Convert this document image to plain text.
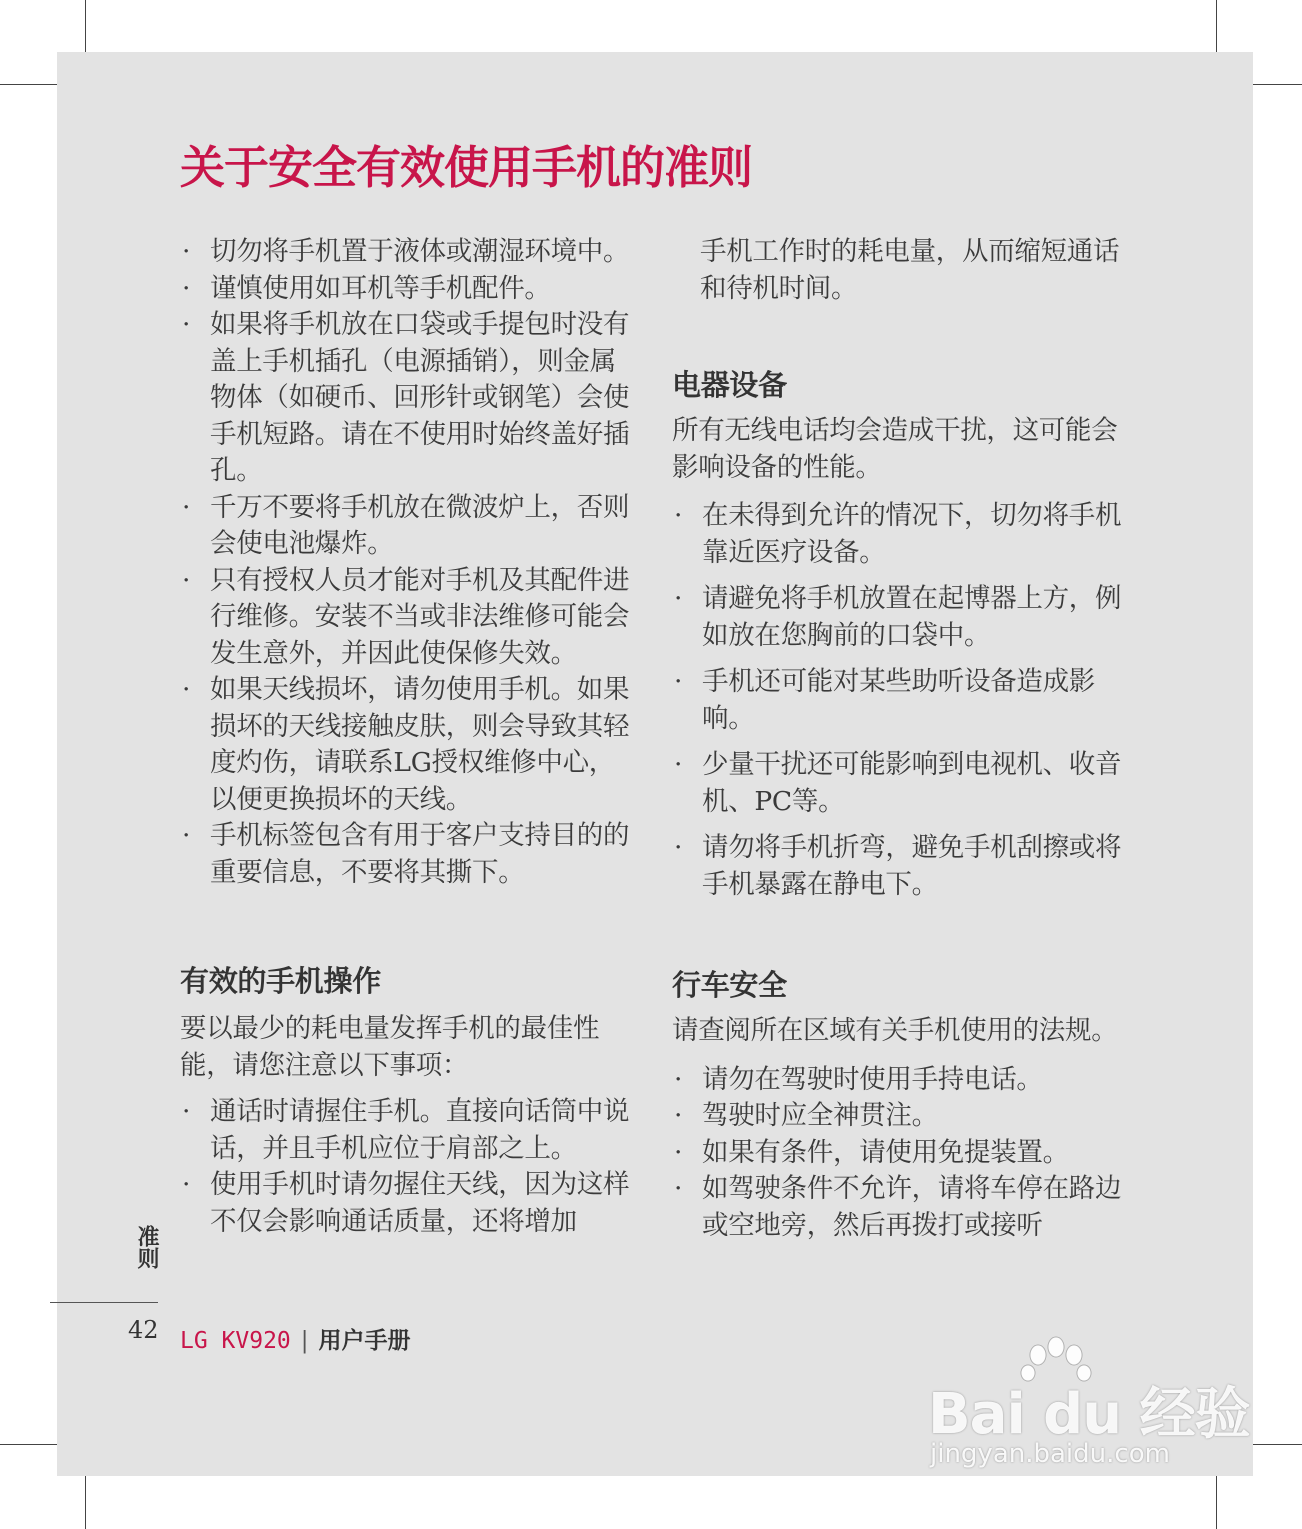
关于安全有效使用手机的准则
· 切勿将手机置于液体或潮湿环境中。
· 谨慎使用如耳机等手机配件。
· 如果将手机放在口袋或手提包时没有盖上手机插孔（电源插销），则金属物体（如硬币、回形针或钢笔）会使手机短路。请在不使用时始终盖好插孔。
· 千万不要将手机放在微波炉上，否则会使电池爆炸。
· 只有授权人员才能对手机及其配件进行维修。安装不当或非法维修可能会发生意外，并因此使保修失效。
· 如果天线损坏，请勿使用手机。如果损坏的天线接触皮肤，则会导致其轻度灼伤，请联系LG授权维修中心，以便更换损坏的天线。
· 手机标签包含有用于客户支持目的的重要信息，不要将其撕下。
有效的手机操作

要以最少的耗电量发挥手机的最佳性能，请您注意以下事项：

· 通话时请握住手机。直接向话筒中说话，并且手机应位于肩部之上。
· 使用手机时请勿握住天线，因为这样不仅会影响通话质量，还将增加

手机工作时的耗电量，从而缩短通话和待机时间。

电器设备

所有无线电话均会造成干扰，这可能会影响设备的性能。

· 在未得到允许的情况下，切勿将手机靠近医疗设备。
· 请避免将手机放置在起博器上方，例如放在您胸前的口袋中。
· 手机还可能对某些助听设备造成影响。
· 少量干扰还可能影响到电视机、收音机、PC等。
· 请勿将手机折弯，避免手机刮擦或将手机暴露在静电下。
行车安全

请查阅所在区域有关手机使用的法规。

· 请勿在驾驶时使用手持电话。
· 驾驶时应全神贯注。
· 如果有条件，请使用免提装置。
· 如驾驶条件不允许，请将车停在路边或空地旁，然后再拨打或接听
准则
42 LG KV920 | 用户手册
Bai du 经验
jingyan.baidu.com
